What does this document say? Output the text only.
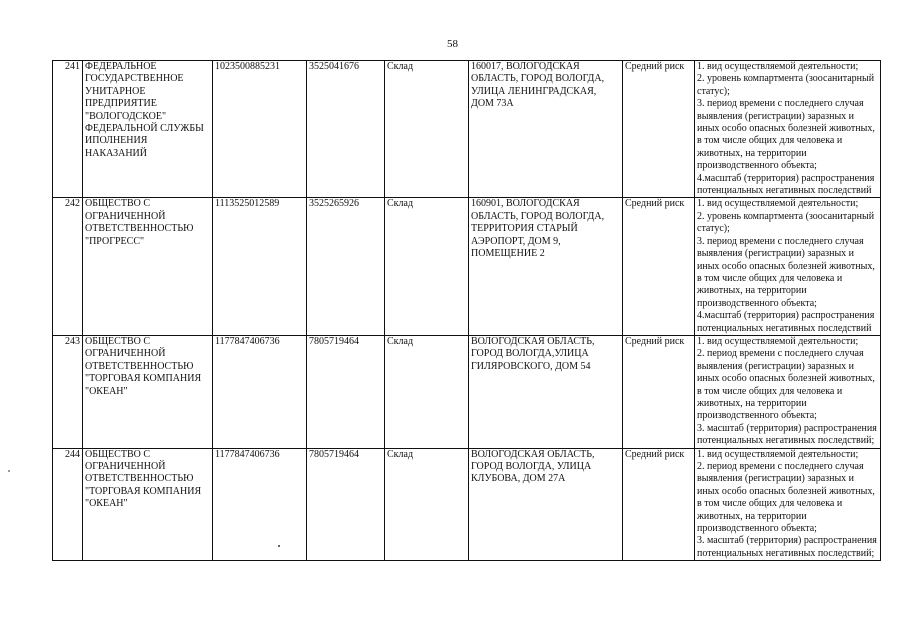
58
241	ФЕДЕРАЛЬНОЕ ГОСУДАРСТВЕННОЕ УНИТАРНОЕ ПРЕДПРИЯТИЕ "ВОЛОГОДСКОЕ" ФЕДЕРАЛЬНОЙ СЛУЖБЫ ИПОЛНЕНИЯ НАКАЗАНИЙ	1023500885231	3525041676	Склад	160017, ВОЛОГОДСКАЯ ОБЛАСТЬ, ГОРОД ВОЛОГДА, УЛИЦА ЛЕНИНГРАДСКАЯ, ДОМ 73А	Средний риск	1. вид осуществляемой деятельности;
2. уровень компартмента (зоосанитарный статус);
3. период времени с последнего случая выявления (регистрации) заразных и иных особо опасных болезней животных, в том числе общих для человека и животных, на территории производственного объекта;
4.масштаб (территория) распространения потенциальных негативных последствий

242	ОБЩЕСТВО С ОГРАНИЧЕННОЙ ОТВЕТСТВЕННОСТЬЮ "ПРОГРЕСС"	1113525012589	3525265926	Склад	160901, ВОЛОГОДСКАЯ ОБЛАСТЬ, ГОРОД ВОЛОГДА, ТЕРРИТОРИЯ СТАРЫЙ АЭРОПОРТ, ДОМ 9, ПОМЕЩЕНИЕ 2	Средний риск	1. вид осуществляемой деятельности;
2. уровень компартмента (зоосанитарный статус);
3. период времени с последнего случая выявления (регистрации) заразных и иных особо опасных болезней животных, в том числе общих для человека и животных, на территории производственного объекта;
4.масштаб (территория) распространения потенциальных негативных последствий

243	ОБЩЕСТВО С ОГРАНИЧЕННОЙ ОТВЕТСТВЕННОСТЬЮ "ТОРГОВАЯ КОМПАНИЯ "ОКЕАН"	1177847406736	7805719464	Склад	ВОЛОГОДСКАЯ ОБЛАСТЬ, ГОРОД ВОЛОГДА,УЛИЦА ГИЛЯРОВСКОГО, ДОМ 54	Средний риск	1. вид осуществляемой деятельности;
2. период времени с последнего случая выявления (регистрации) заразных и иных особо опасных болезней животных, в том числе общих для человека и животных, на территории производственного объекта;
3. масштаб (территория) распространения потенциальных негативных последствий;

244	ОБЩЕСТВО С ОГРАНИЧЕННОЙ ОТВЕТСТВЕННОСТЬЮ "ТОРГОВАЯ КОМПАНИЯ "ОКЕАН"	1177847406736	7805719464	Склад	ВОЛОГОДСКАЯ ОБЛАСТЬ, ГОРОД ВОЛОГДА, УЛИЦА КЛУБОВА, ДОМ 27А	Средний риск	1. вид осуществляемой деятельности;
2. период времени с последнего случая выявления (регистрации) заразных и иных особо опасных болезней животных, в том числе общих для человека и животных, на территории производственного объекта;
3. масштаб (территория) распространения потенциальных негативных последствий;
